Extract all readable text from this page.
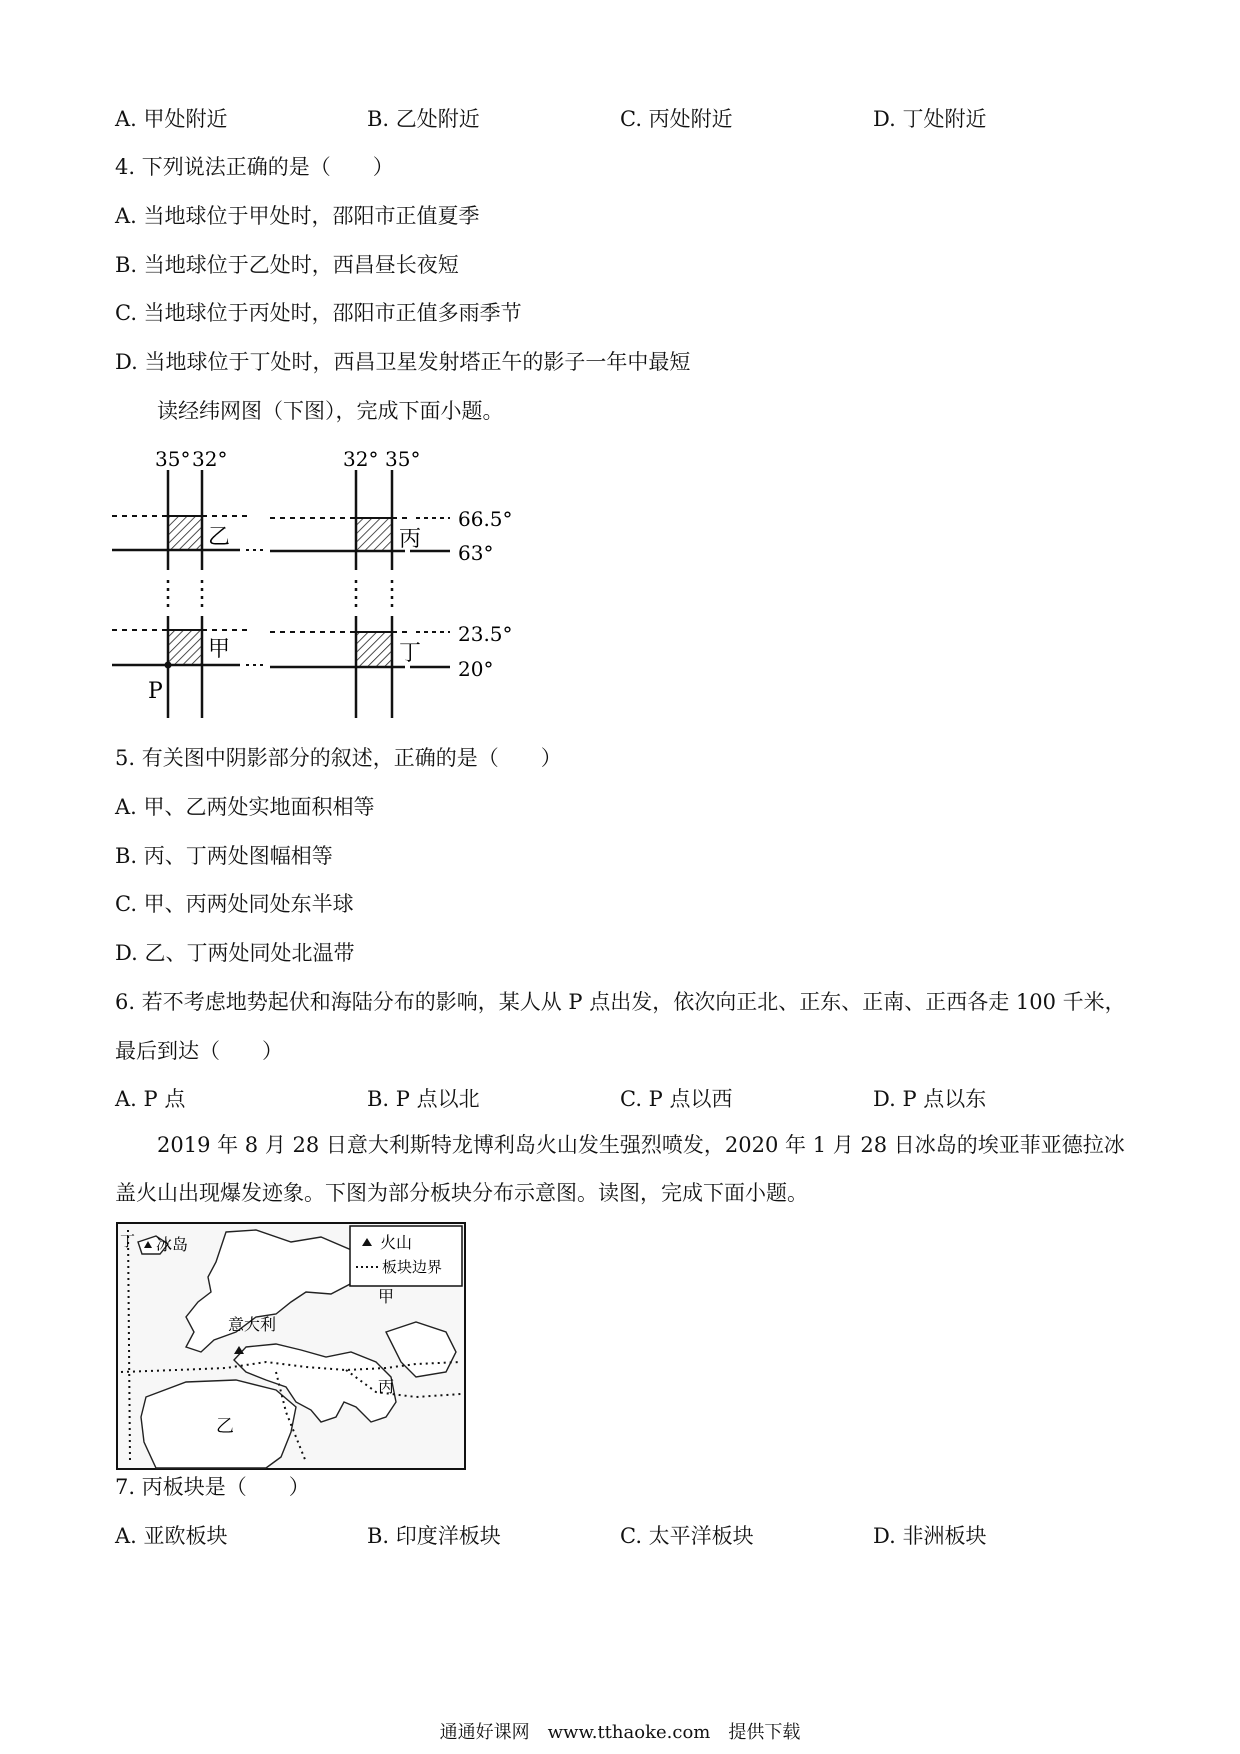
A. 甲处附近	B. 乙处附近	C. 丙处附近	D. 丁处附近
4. 下列说法正确的是（　　）
A. 当地球位于甲处时，邵阳市正值夏季
B. 当地球位于乙处时，西昌昼长夜短
C. 当地球位于丙处时，邵阳市正值多雨季节
D. 当地球位于丁处时，西昌卫星发射塔正午的影子一年中最短
读经纬网图（下图），完成下面小题。
35° 32°	32° 35°
乙	丙
甲	丁
66.5°
63°
23.5°
20°
P
5. 有关图中阴影部分的叙述，正确的是（　　）
A. 甲、乙两处实地面积相等
B. 丙、丁两处图幅相等
C. 甲、丙两处同处东半球
D. 乙、丁两处同处北温带
6. 若不考虑地势起伏和海陆分布的影响，某人从 P 点出发，依次向正北、正东、正南、正西各走 100 千米，
最后到达（　　）
A. P 点	B. P 点以北	C. P 点以西	D. P 点以东
2019 年 8 月 28 日意大利斯特龙博利岛火山发生强烈喷发，2020 年 1 月 28 日冰岛的埃亚菲亚德拉冰盖火山出现爆发迹象。下图为部分板块分布示意图。读图，完成下面小题。
火山
板块边界
冰岛
丁
意大利
甲
乙
丙
7. 丙板块是（　　）
A. 亚欧板块	B. 印度洋板块	C. 太平洋板块	D. 非洲板块
通通好课网　www.tthaoke.com　提供下载
